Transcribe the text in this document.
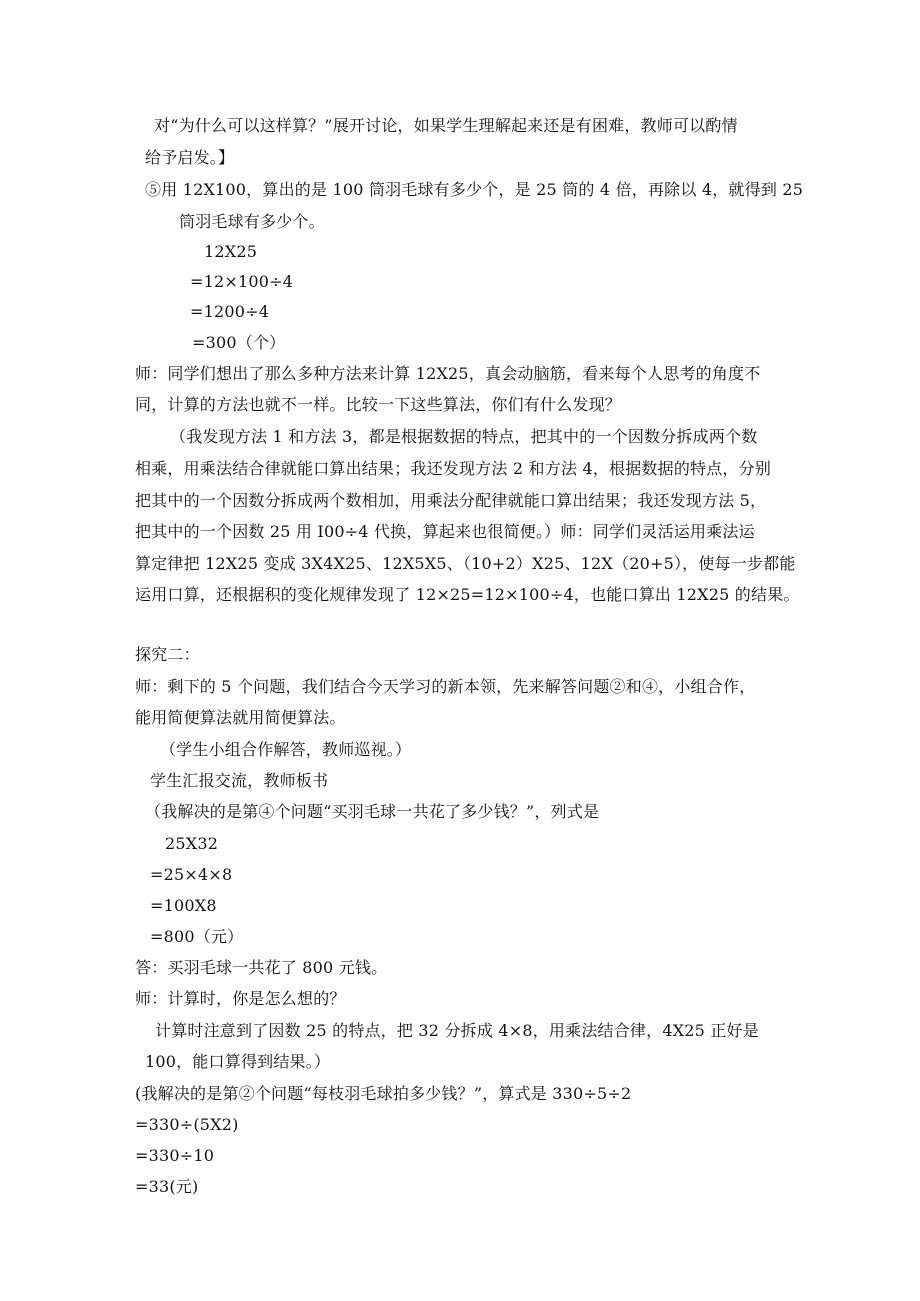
对“为什么可以这样算？”展开讨论，如果学生理解起来还是有困难，教师可以酌情
给予启发。】
⑤用 12X100，算出的是 100 筒羽毛球有多少个，是 25 筒的 4 倍，再除以 4，就得到 25
筒羽毛球有多少个。
12X25
=12×100÷4
=1200÷4
=300（个）
师：同学们想出了那么多种方法来计算 12X25，真会动脑筋，看来每个人思考的角度不
同，计算的方法也就不一样。比较一下这些算法，你们有什么发现？
（我发现方法 1 和方法 3，都是根据数据的特点，把其中的一个因数分拆成两个数
相乘，用乘法结合律就能口算出结果；我还发现方法 2 和方法 4，根据数据的特点，分别
把其中的一个因数分拆成两个数相加，用乘法分配律就能口算出结果；我还发现方法 5，
把其中的一个因数 25 用 I00÷4 代换，算起来也很简便。）师：同学们灵活运用乘法运
算定律把 12X25 变成 3X4X25、12X5X5、（10+2）X25、12X（20+5），使每一步都能
运用口算，还根据积的变化规律发现了 12×25=12×100÷4，也能口算出 12X25 的结果。
探究二：
师：剩下的 5 个问题，我们结合今天学习的新本领，先来解答问题②和④，小组合作，
能用简便算法就用简便算法。
（学生小组合作解答，教师巡视。）
学生汇报交流，教师板书
（我解决的是第④个问题“买羽毛球一共花了多少钱？”，列式是
25X32
=25×4×8
=100X8
=800（元）
答：买羽毛球一共花了 800 元钱。
师：计算时，你是怎么想的？
计算时注意到了因数 25 的特点，把 32 分拆成 4×8，用乘法结合律，4X25 正好是
100，能口算得到结果。）
(我解决的是第②个问题“每枝羽毛球拍多少钱？”，算式是 330÷5÷2
=330÷(5X2)
=330÷10
=33(元)
